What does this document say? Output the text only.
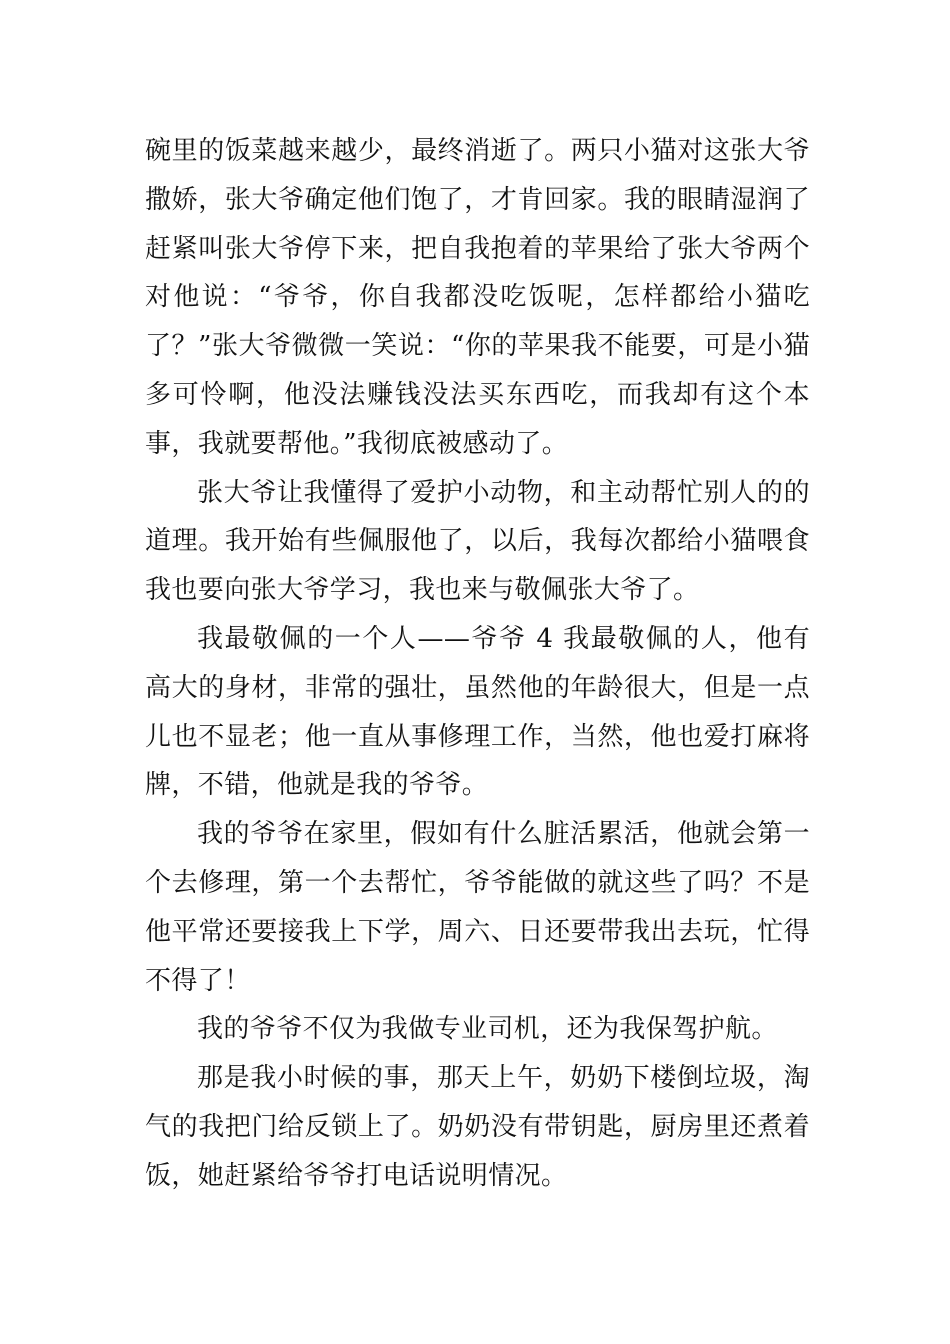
碗里的饭菜越来越少，最终消逝了。两只小猫对这张大爷撒娇，张大爷确定他们饱了，才肯回家。我的眼睛湿润了赶紧叫张大爷停下来，把自我抱着的苹果给了张大爷两个对他说：“爷爷，你自我都没吃饭呢，怎样都给小猫吃了？”张大爷微微一笑说：“你的苹果我不能要，可是小猫多可怜啊，他没法赚钱没法买东西吃，而我却有这个本事，我就要帮他。”我彻底被感动了。

张大爷让我懂得了爱护小动物，和主动帮忙别人的的道理。我开始有些佩服他了，以后，我每次都给小猫喂食我也要向张大爷学习，我也来与敬佩张大爷了。

我最敬佩的一个人——爷爷 4 我最敬佩的人，他有高大的身材，非常的强壮，虽然他的年龄很大，但是一点儿也不显老；他一直从事修理工作，当然，他也爱打麻将牌，不错，他就是我的爷爷。

我的爷爷在家里，假如有什么脏活累活，他就会第一个去修理，第一个去帮忙，爷爷能做的就这些了吗？不是他平常还要接我上下学，周六、日还要带我出去玩，忙得不得了！

我的爷爷不仅为我做专业司机，还为我保驾护航。

那是我小时候的事，那天上午，奶奶下楼倒垃圾，淘气的我把门给反锁上了。奶奶没有带钥匙，厨房里还煮着饭，她赶紧给爷爷打电话说明情况。
